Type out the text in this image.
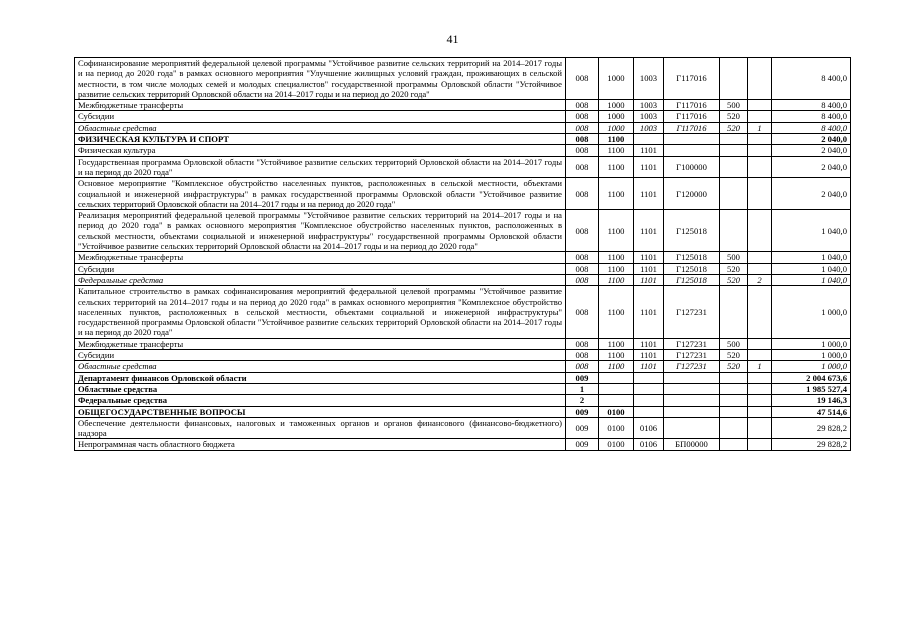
41
Софинансирование мероприятий федеральной целевой программы "Устойчивое развитие сельских территорий на 2014–2017 годы и на период до 2020 года" в рамках основного мероприятия "Улучшение жилищных условий граждан, проживающих в сельской местности, в том числе молодых семей и молодых специалистов" государственной программы Орловской области "Устойчивое развитие сельских территорий Орловской области на 2014–2017 годы и на период до 2020 года"	008	1000	1003	Г117016			8 400,0
Межбюджетные трансферты	008	1000	1003	Г117016	500		8 400,0
Субсидии	008	1000	1003	Г117016	520		8 400,0
Областные средства	008	1000	1003	Г117016	520	1	8 400,0
ФИЗИЧЕСКАЯ КУЛЬТУРА И СПОРТ	008	1100					2 040,0
Физическая культура	008	1100	1101				2 040,0
Государственная программа Орловской области "Устойчивое развитие сельских территорий Орловской области на 2014–2017 годы и на период до 2020 года"	008	1100	1101	Г100000			2 040,0
Основное мероприятие "Комплексное обустройство населенных пунктов, расположенных в сельской местности, объектами социальной и инженерной инфраструктуры" в рамках государственной программы Орловской области "Устойчивое развитие сельских территорий Орловской области на 2014–2017 годы и на период до 2020 года"	008	1100	1101	Г120000			2 040,0
Реализация мероприятий федеральной целевой программы "Устойчивое развитие сельских территорий на 2014–2017 годы и на период до 2020 года" в рамках основного мероприятия "Комплексное обустройство населенных пунктов, расположенных в сельской местности, объектами социальной и инженерной инфраструктуры" государственной программы Орловской области "Устойчивое развитие сельских территорий Орловской области на 2014–2017 годы и на период до 2020 года"	008	1100	1101	Г125018			1 040,0
Межбюджетные трансферты	008	1100	1101	Г125018	500		1 040,0
Субсидии	008	1100	1101	Г125018	520		1 040,0
Федеральные средства	008	1100	1101	Г125018	520	2	1 040,0
Капитальное строительство в рамках софинансирования мероприятий федеральной целевой программы "Устойчивое развитие сельских территорий на 2014–2017 годы и на период до 2020 года" в рамках основного мероприятия "Комплексное обустройство населенных пунктов, расположенных в сельской местности, объектами социальной и инженерной инфраструктуры" государственной программы Орловской области "Устойчивое развитие сельских территорий Орловской области на 2014–2017 годы и на период до 2020 года"	008	1100	1101	Г127231			1 000,0
Межбюджетные трансферты	008	1100	1101	Г127231	500		1 000,0
Субсидии	008	1100	1101	Г127231	520		1 000,0
Областные средства	008	1100	1101	Г127231	520	1	1 000,0
Департамент финансов Орловской области	009						2 004 673,6
Областные средства	1						1 985 527,4
Федеральные средства	2						19 146,3
ОБЩЕГОСУДАРСТВЕННЫЕ ВОПРОСЫ	009	0100					47 514,6
Обеспечение деятельности финансовых, налоговых и таможенных органов и органов финансового (финансово-бюджетного) надзора	009	0100	0106				29 828,2
Непрограммная часть областного бюджета	009	0100	0106	БП00000			29 828,2
